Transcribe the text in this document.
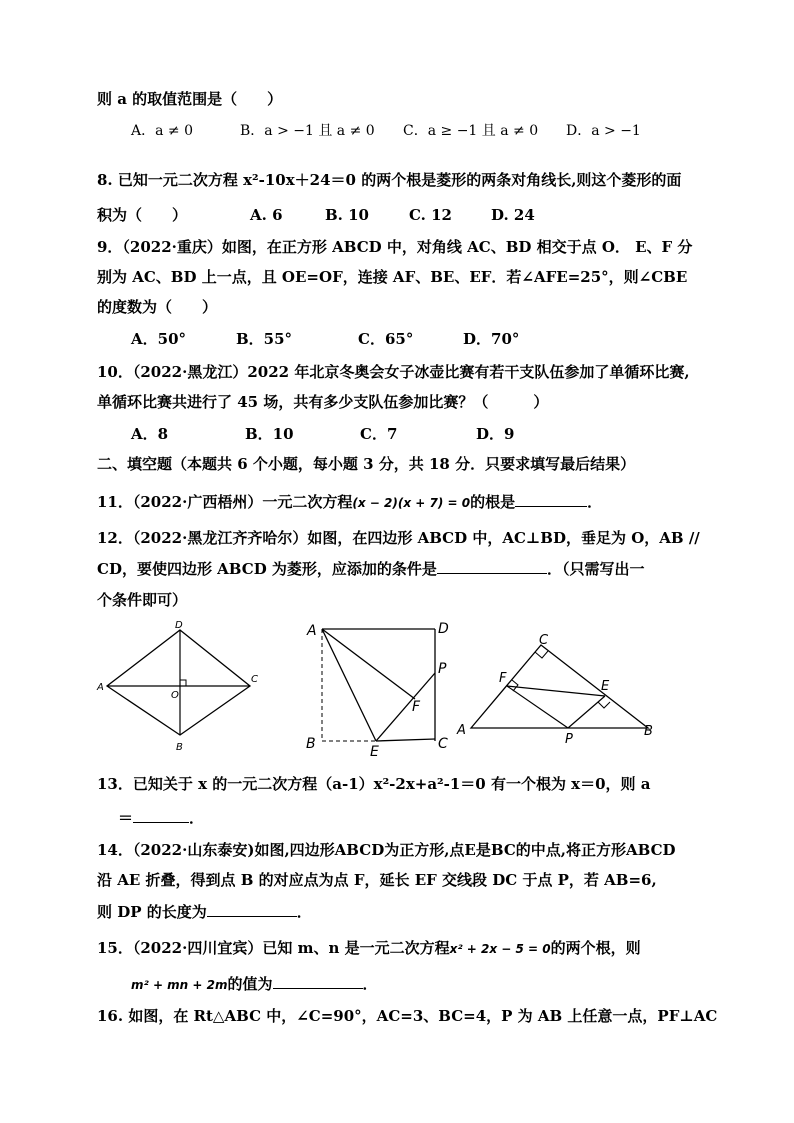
则 a 的取值范围是（　　）
A．a ≠ 0	B．a > −1 且 a ≠ 0 C．a ≥ −1 且 a ≠ 0 D．a > −1
8. 已知一元二次方程 x²-10x＋24＝0 的两个根是菱形的两条对角线长,则这个菱形的面
积为（　　）	A. 6	B. 10	C. 12	D. 24
9．（2022·重庆）如图，在正方形 ABCD 中，对角线 AC、BD 相交于点 O． E、F 分
别为 AC、BD 上一点，且 OE=OF，连接 AF、BE、EF．若∠AFE=25°，则∠CBE
的度数为（　　）
A．50°	B．55°	C．65°	D．70°
10．（2022·黑龙江）2022 年北京冬奥会女子冰壶比赛有若干支队伍参加了单循环比赛,
单循环比赛共进行了 45 场，共有多少支队伍参加比赛？（　　　）
A．8	B．10	C．7	D．9
二、填空题（本题共 6 个小题，每小题 3 分，共 18 分．只要求填写最后结果）
11．（2022·广西梧州）一元二次方程(x − 2)(x + 7) = 0的根是	．
12．（2022·黑龙江齐齐哈尔）如图，在四边形 ABCD 中，AC⊥BD，垂足为 O，AB //
CD，要使四边形 ABCD 为菱形，应添加的条件是	．（只需写出一
个条件即可）
D
A
C
O
B
A	D
P
F
B	E	C
C
F
E
A
P
B
13．已知关于 x 的一元二次方程（a-1）x²-2x+a²-1＝0 有一个根为 x＝0，则 a
＝	．
14．（2022·山东泰安)如图,四边形ABCD为正方形,点E是BC的中点,将正方形ABCD
沿 AE 折叠，得到点 B 的对应点为点 F，延长 EF 交线段 DC 于点 P，若 AB=6,
则 DP 的长度为	．
15．（2022·四川宜宾）已知 m、n 是一元二次方程x² + 2x − 5 = 0的两个根，则
m² + mn + 2m的值为	．
16. 如图，在 Rt△ABC 中，∠C=90°，AC=3、BC=4，P 为 AB 上任意一点，PF⊥AC
